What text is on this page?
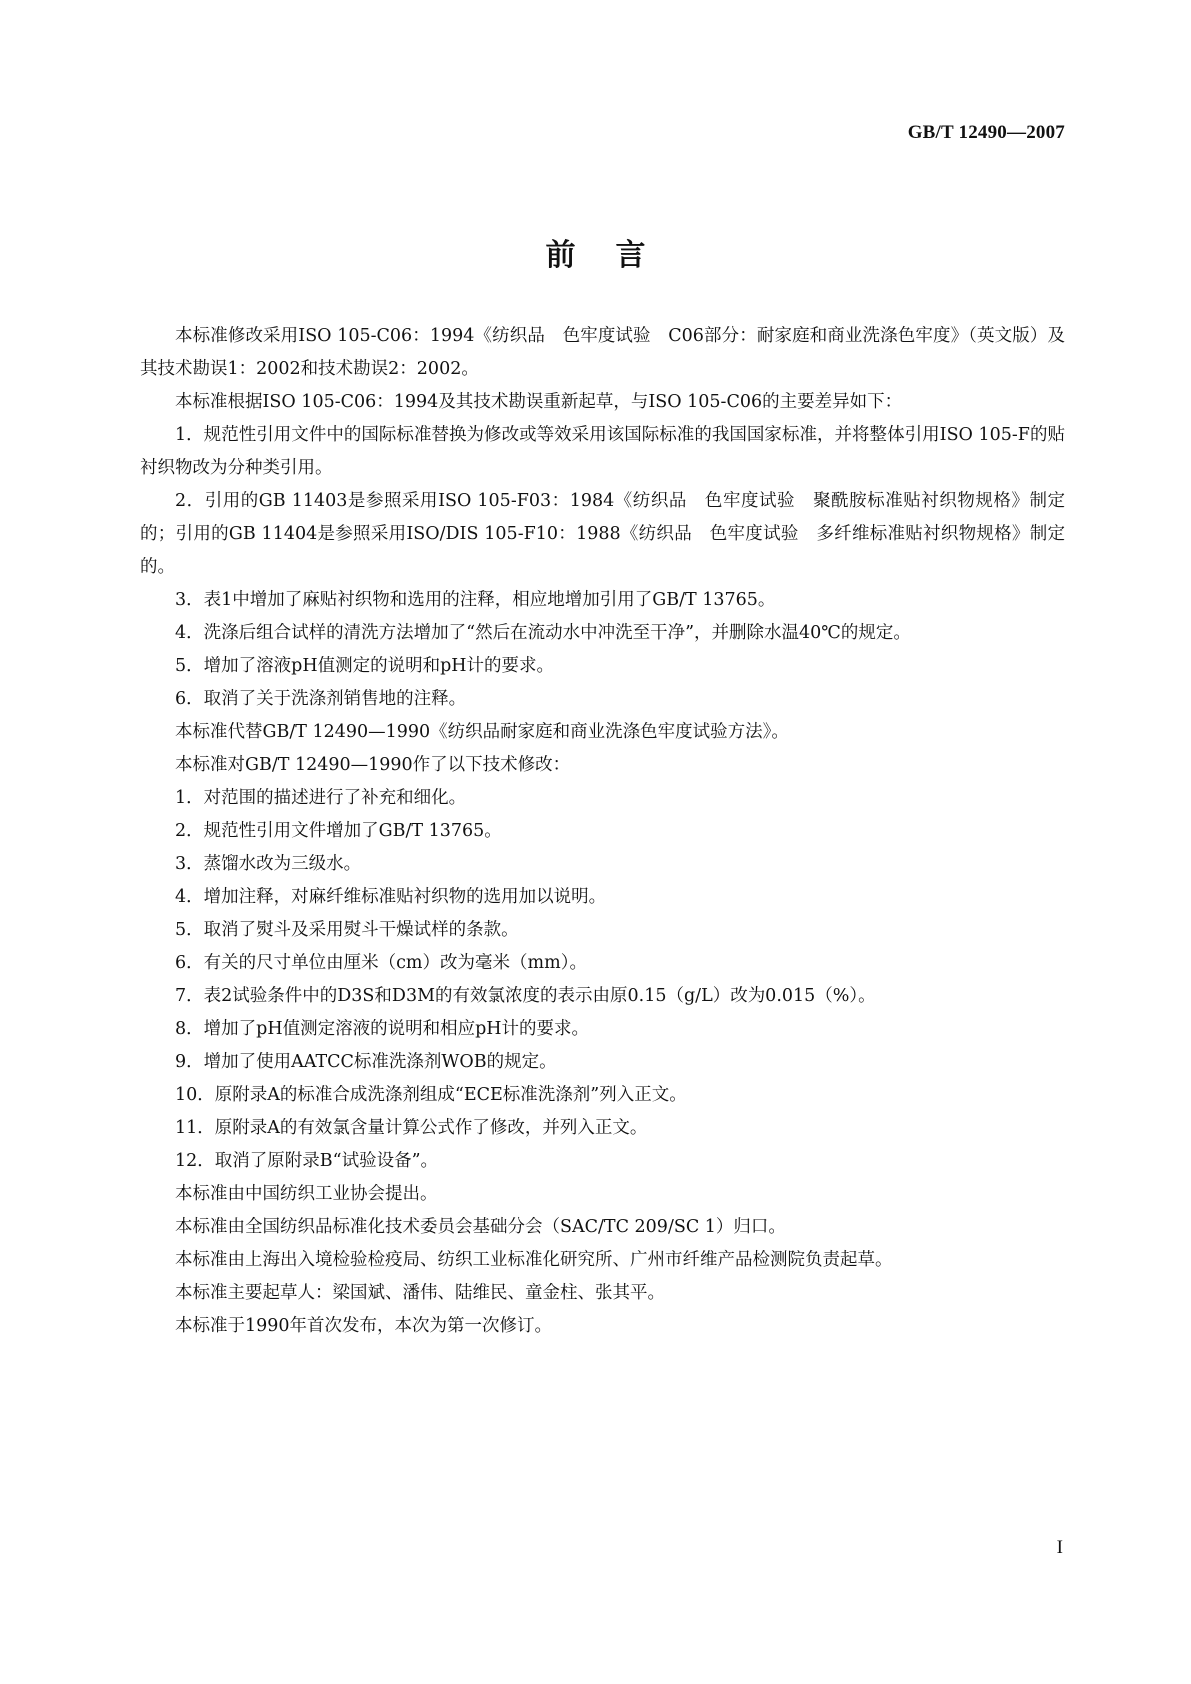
GB/T 12490—2007
前言

本标准修改采用ISO 105-C06：1994《纺织品　色牢度试验　C06部分：耐家庭和商业洗涤色牢度》（英文版）及其技术勘误1：2002和技术勘误2：2002。

本标准根据ISO 105-C06：1994及其技术勘误重新起草，与ISO 105-C06的主要差异如下：

1．规范性引用文件中的国际标准替换为修改或等效采用该国际标准的我国国家标准，并将整体引用ISO 105-F的贴衬织物改为分种类引用。

2．引用的GB 11403是参照采用ISO 105-F03：1984《纺织品　色牢度试验　聚酰胺标准贴衬织物规格》制定的；引用的GB 11404是参照采用ISO/DIS 105-F10：1988《纺织品　色牢度试验　多纤维标准贴衬织物规格》制定的。

3．表1中增加了麻贴衬织物和选用的注释，相应地增加引用了GB/T 13765。

4．洗涤后组合试样的清洗方法增加了“然后在流动水中冲洗至干净”，并删除水温40℃的规定。

5．增加了溶液pH值测定的说明和pH计的要求。

6．取消了关于洗涤剂销售地的注释。

本标准代替GB/T 12490—1990《纺织品耐家庭和商业洗涤色牢度试验方法》。

本标准对GB/T 12490—1990作了以下技术修改：

1．对范围的描述进行了补充和细化。

2．规范性引用文件增加了GB/T 13765。

3．蒸馏水改为三级水。

4．增加注释，对麻纤维标准贴衬织物的选用加以说明。

5．取消了熨斗及采用熨斗干燥试样的条款。

6．有关的尺寸单位由厘米（cm）改为毫米（mm）。

7．表2试验条件中的D3S和D3M的有效氯浓度的表示由原0.15（g/L）改为0.015（%）。

8．增加了pH值测定溶液的说明和相应pH计的要求。

9．增加了使用AATCC标准洗涤剂WOB的规定。

10．原附录A的标准合成洗涤剂组成“ECE标准洗涤剂”列入正文。

11．原附录A的有效氯含量计算公式作了修改，并列入正文。

12．取消了原附录B“试验设备”。

本标准由中国纺织工业协会提出。

本标准由全国纺织品标准化技术委员会基础分会（SAC/TC 209/SC 1）归口。

本标准由上海出入境检验检疫局、纺织工业标准化研究所、广州市纤维产品检测院负责起草。

本标准主要起草人：梁国斌、潘伟、陆维民、童金柱、张其平。

本标准于1990年首次发布，本次为第一次修订。

I
